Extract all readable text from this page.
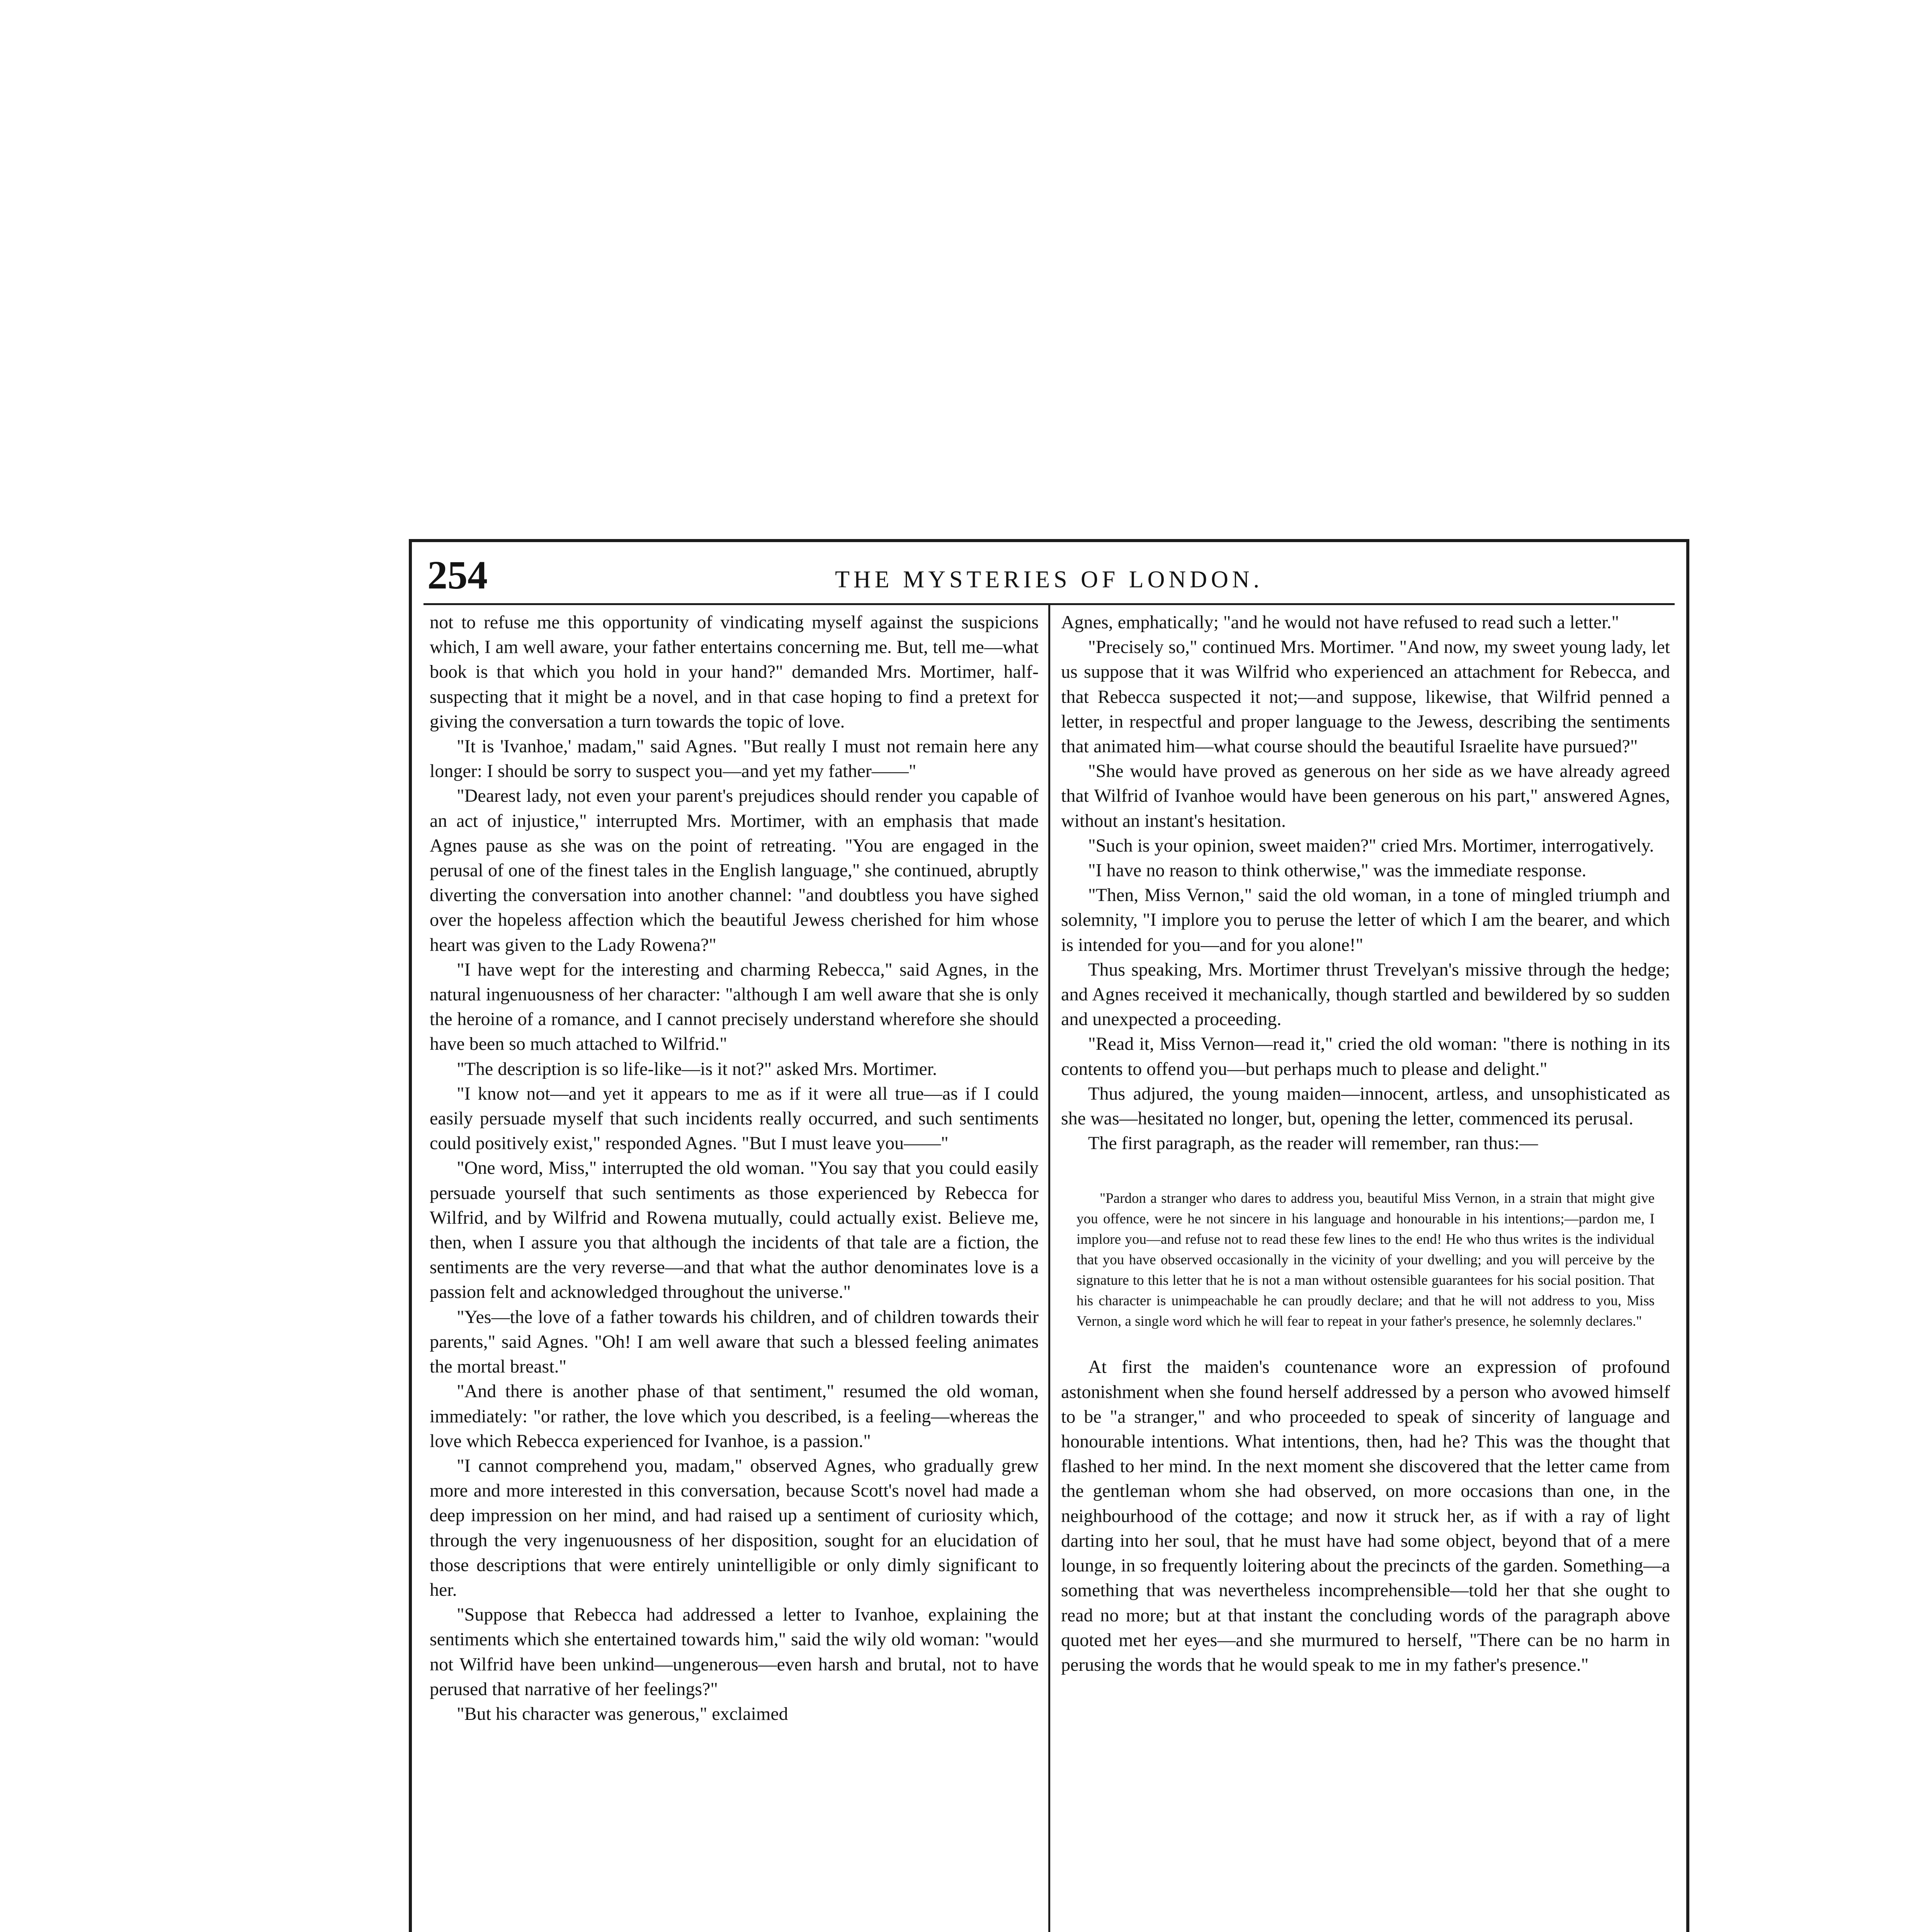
254	THE MYSTERIES OF LONDON.

not to refuse me this opportunity of vindicating myself against the suspicions which, I am well aware, your father entertains concerning me. But, tell me—what book is that which you hold in your hand?" demanded Mrs. Mortimer, half-suspecting that it might be a novel, and in that case hoping to find a pretext for giving the conversation a turn towards the topic of love.

"It is 'Ivanhoe,' madam," said Agnes. "But really I must not remain here any longer: I should be sorry to suspect you—and yet my father——"

"Dearest lady, not even your parent's prejudices should render you capable of an act of injustice," interrupted Mrs. Mortimer, with an emphasis that made Agnes pause as she was on the point of retreating. "You are engaged in the perusal of one of the finest tales in the English language," she continued, abruptly diverting the conversation into another channel: "and doubtless you have sighed over the hopeless affection which the beautiful Jewess cherished for him whose heart was given to the Lady Rowena?"

"I have wept for the interesting and charming Rebecca," said Agnes, in the natural ingenuousness of her character: "although I am well aware that she is only the heroine of a romance, and I cannot precisely understand wherefore she should have been so much attached to Wilfrid."

"The description is so life-like—is it not?" asked Mrs. Mortimer.

"I know not—and yet it appears to me as if it were all true—as if I could easily persuade myself that such incidents really occurred, and such sentiments could positively exist," responded Agnes. "But I must leave you——"

"One word, Miss," interrupted the old woman. "You say that you could easily persuade yourself that such sentiments as those experienced by Rebecca for Wilfrid, and by Wilfrid and Rowena mutually, could actually exist. Believe me, then, when I assure you that although the incidents of that tale are a fiction, the sentiments are the very reverse—and that what the author denominates love is a passion felt and acknowledged throughout the universe."

"Yes—the love of a father towards his children, and of children towards their parents," said Agnes. "Oh! I am well aware that such a blessed feeling animates the mortal breast."

"And there is another phase of that sentiment," resumed the old woman, immediately: "or rather, the love which you described, is a feeling—whereas the love which Rebecca experienced for Ivanhoe, is a passion."

"I cannot comprehend you, madam," observed Agnes, who gradually grew more and more interested in this conversation, because Scott's novel had made a deep impression on her mind, and had raised up a sentiment of curiosity which, through the very ingenuousness of her disposition, sought for an elucidation of those descriptions that were entirely unintelligible or only dimly significant to her.

"Suppose that Rebecca had addressed a letter to Ivanhoe, explaining the sentiments which she entertained towards him," said the wily old woman: "would not Wilfrid have been unkind—ungenerous—even harsh and brutal, not to have perused that narrative of her feelings?"

"But his character was generous," exclaimed

Agnes, emphatically; "and he would not have refused to read such a letter."

"Precisely so," continued Mrs. Mortimer. "And now, my sweet young lady, let us suppose that it was Wilfrid who experienced an attachment for Rebecca, and that Rebecca suspected it not;—and suppose, likewise, that Wilfrid penned a letter, in respectful and proper language to the Jewess, describing the sentiments that animated him—what course should the beautiful Israelite have pursued?"

"She would have proved as generous on her side as we have already agreed that Wilfrid of Ivanhoe would have been generous on his part," answered Agnes, without an instant's hesitation.

"Such is your opinion, sweet maiden?" cried Mrs. Mortimer, interrogatively.

"I have no reason to think otherwise," was the immediate response.

"Then, Miss Vernon," said the old woman, in a tone of mingled triumph and solemnity, "I implore you to peruse the letter of which I am the bearer, and which is intended for you—and for you alone!"

Thus speaking, Mrs. Mortimer thrust Trevelyan's missive through the hedge; and Agnes received it mechanically, though startled and bewildered by so sudden and unexpected a proceeding.

"Read it, Miss Vernon—read it," cried the old woman: "there is nothing in its contents to offend you—but perhaps much to please and delight."

Thus adjured, the young maiden—innocent, artless, and unsophisticated as she was—hesitated no longer, but, opening the letter, commenced its perusal.

The first paragraph, as the reader will remember, ran thus:—

"Pardon a stranger who dares to address you, beautiful Miss Vernon, in a strain that might give you offence, were he not sincere in his language and honourable in his intentions;—pardon me, I implore you—and refuse not to read these few lines to the end! He who thus writes is the individual that you have observed occasionally in the vicinity of your dwelling; and you will perceive by the signature to this letter that he is not a man without ostensible guarantees for his social position. That his character is unimpeachable he can proudly declare; and that he will not address to you, Miss Vernon, a single word which he will fear to repeat in your father's presence, he solemnly declares."

At first the maiden's countenance wore an expression of profound astonishment when she found herself addressed by a person who avowed himself to be "a stranger," and who proceeded to speak of sincerity of language and honourable intentions. What intentions, then, had he? This was the thought that flashed to her mind. In the next moment she discovered that the letter came from the gentleman whom she had observed, on more occasions than one, in the neighbourhood of the cottage; and now it struck her, as if with a ray of light darting into her soul, that he must have had some object, beyond that of a mere lounge, in so frequently loitering about the precincts of the garden. Something—a something that was nevertheless incomprehensible—told her that she ought to read no more; but at that instant the concluding words of the paragraph above quoted met her eyes—and she murmured to herself, "There can be no harm in perusing the words that he would speak to me in my father's presence."
